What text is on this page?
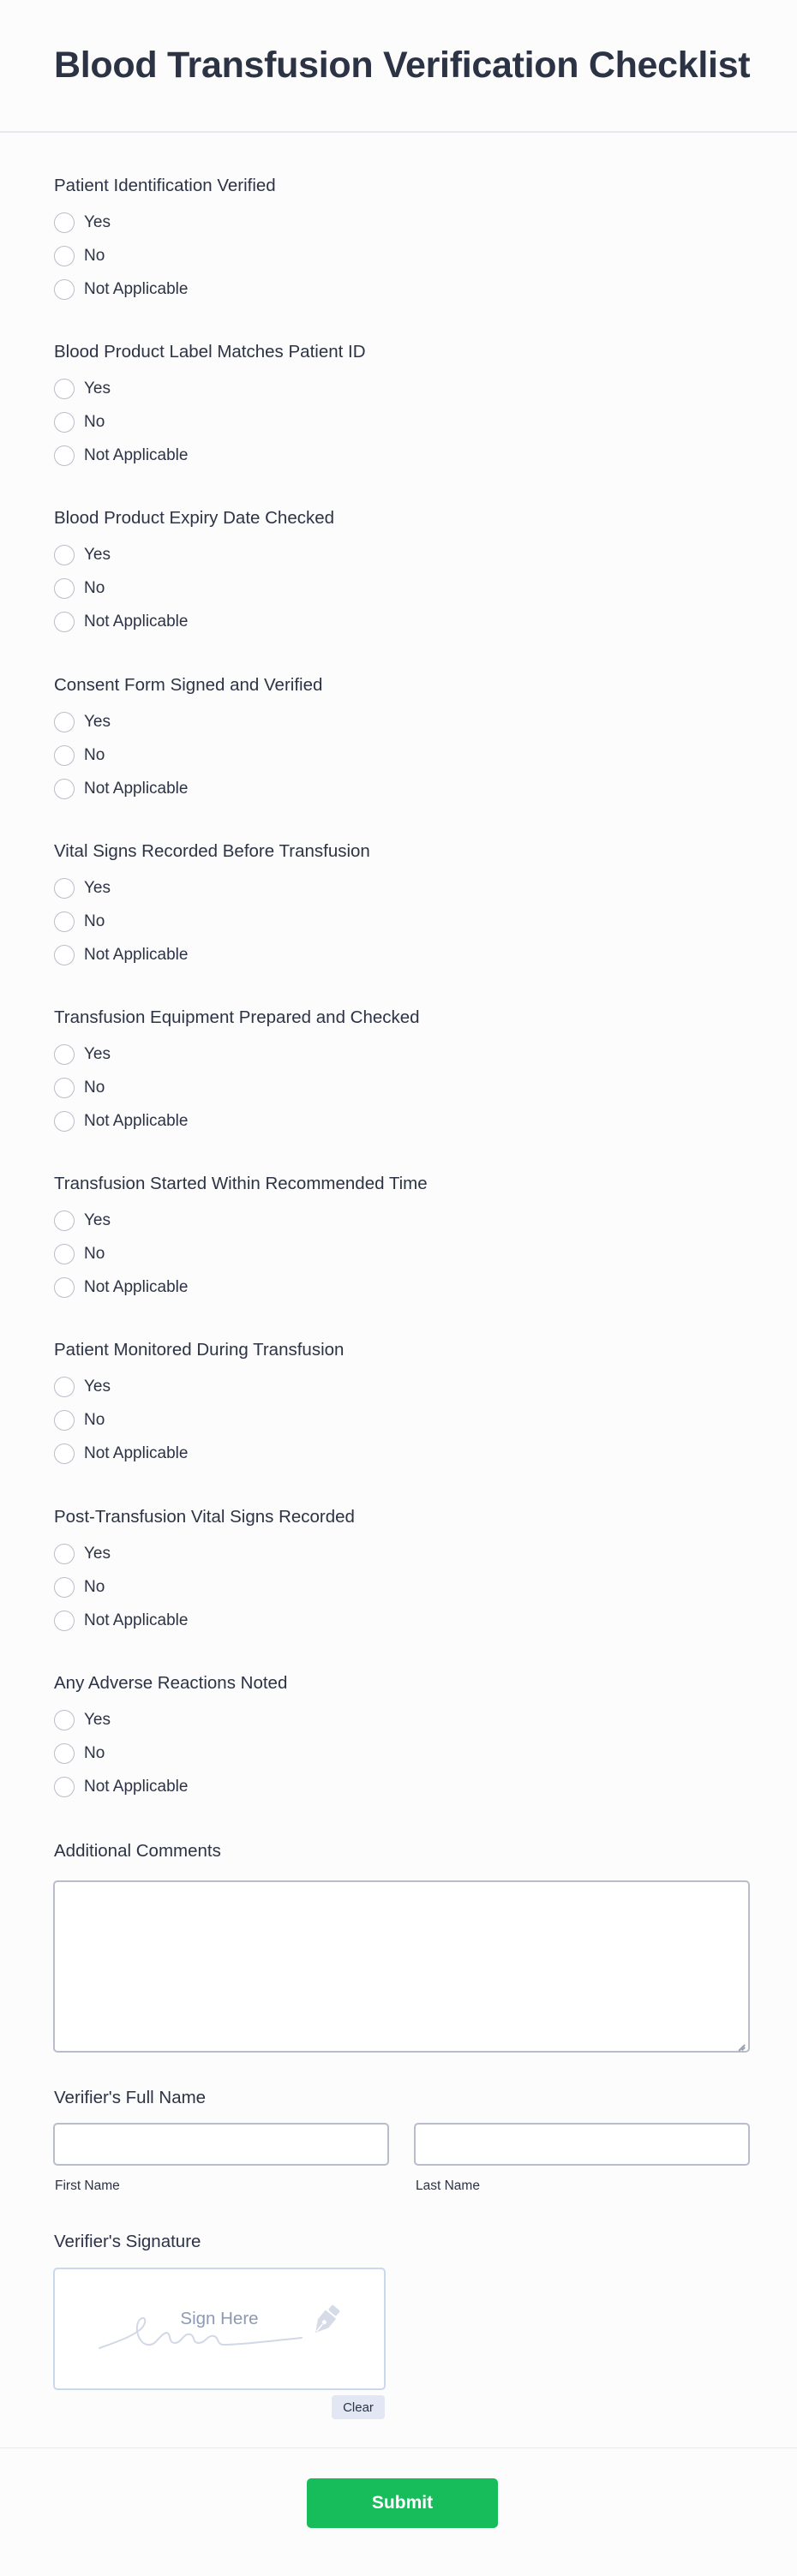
Blood Transfusion Verification Checklist
Patient Identification Verified
Yes
No
Not Applicable
Blood Product Label Matches Patient ID
Yes
No
Not Applicable
Blood Product Expiry Date Checked
Yes
No
Not Applicable
Consent Form Signed and Verified
Yes
No
Not Applicable
Vital Signs Recorded Before Transfusion
Yes
No
Not Applicable
Transfusion Equipment Prepared and Checked
Yes
No
Not Applicable
Transfusion Started Within Recommended Time
Yes
No
Not Applicable
Patient Monitored During Transfusion
Yes
No
Not Applicable
Post-Transfusion Vital Signs Recorded
Yes
No
Not Applicable
Any Adverse Reactions Noted
Yes
No
Not Applicable
Additional Comments
Verifier's Full Name
First Name	Last Name
Verifier's Signature
Sign Here
Clear
Submit
